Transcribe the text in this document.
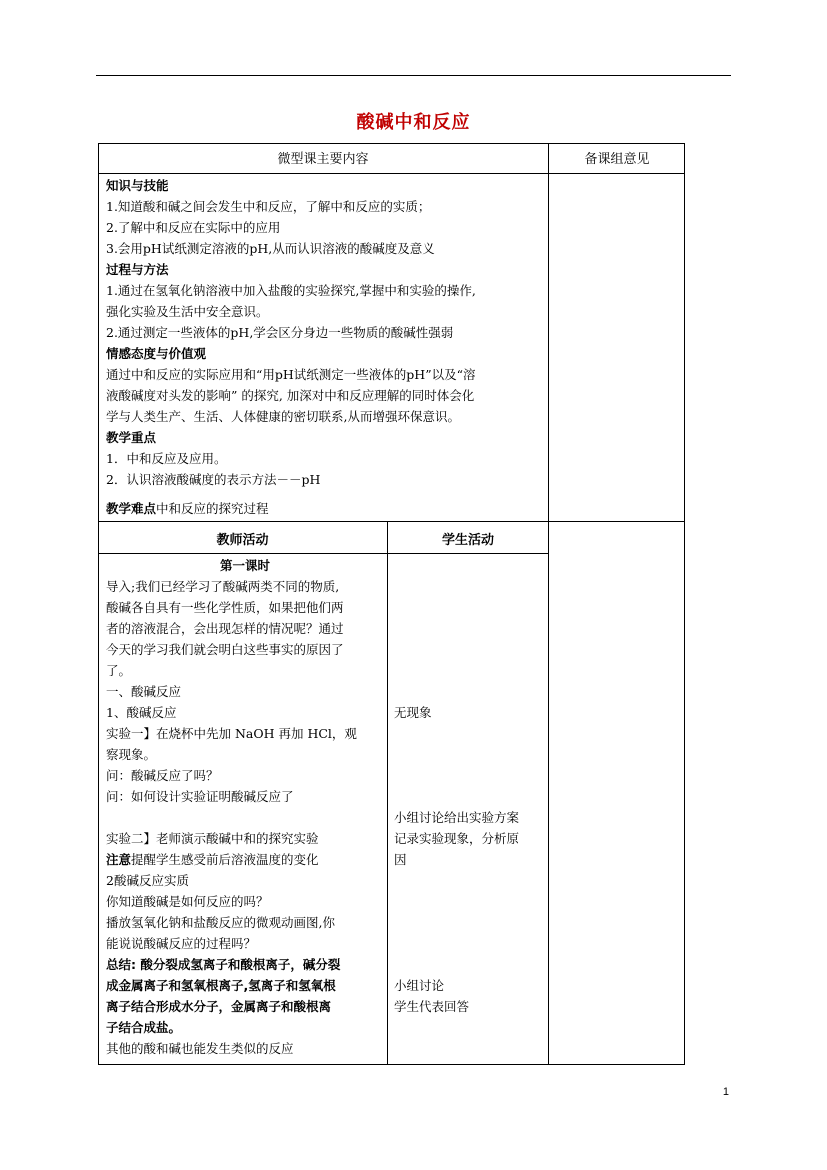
酸碱中和反应
微型课主要内容	备课组意见
知识与技能
1.知道酸和碱之间会发生中和反应，了解中和反应的实质；
2.了解中和反应在实际中的应用
3.会用pH试纸测定溶液的pH,从而认识溶液的酸碱度及意义
过程与方法
1.通过在氢氧化钠溶液中加入盐酸的实验探究,掌握中和实验的操作,
强化实验及生活中安全意识。
2.通过测定一些液体的pH,学会区分身边一些物质的酸碱性强弱
情感态度与价值观
通过中和反应的实际应用和“用pH试纸测定一些液体的pH”以及“溶
液酸碱度对头发的影响” 的探究, 加深对中和反应理解的同时体会化
学与人类生产、生活、人体健康的密切联系,从而增强环保意识。
教学重点
1．中和反应及应用。
2．认识溶液酸碱度的表示方法－－pH
教学难点中和反应的探究过程
教师活动	学生活动
第一课时
导入;我们已经学习了酸碱两类不同的物质,
酸碱各自具有一些化学性质，如果把他们两
者的溶液混合，会出现怎样的情况呢？通过
今天的学习我们就会明白这些事实的原因了
了。
一、酸碱反应
1、酸碱反应
实验一】在烧杯中先加 NaOH 再加 HCl，观
察现象。
问：酸碱反应了吗？
问：如何设计实验证明酸碱反应了
实验二】老师演示酸碱中和的探究实验
注意提醒学生感受前后溶液温度的变化
2酸碱反应实质
你知道酸碱是如何反应的吗？
播放氢氧化钠和盐酸反应的微观动画图,你
能说说酸碱反应的过程吗？
总结: 酸分裂成氢离子和酸根离子，碱分裂
成金属离子和氢氧根离子,氢离子和氢氧根
离子结合形成水分子，金属离子和酸根离
子结合成盐。
其他的酸和碱也能发生类似的反应
无现象
小组讨论给出实验方案
记录实验现象，分析原
因
小组讨论
学生代表回答
1
